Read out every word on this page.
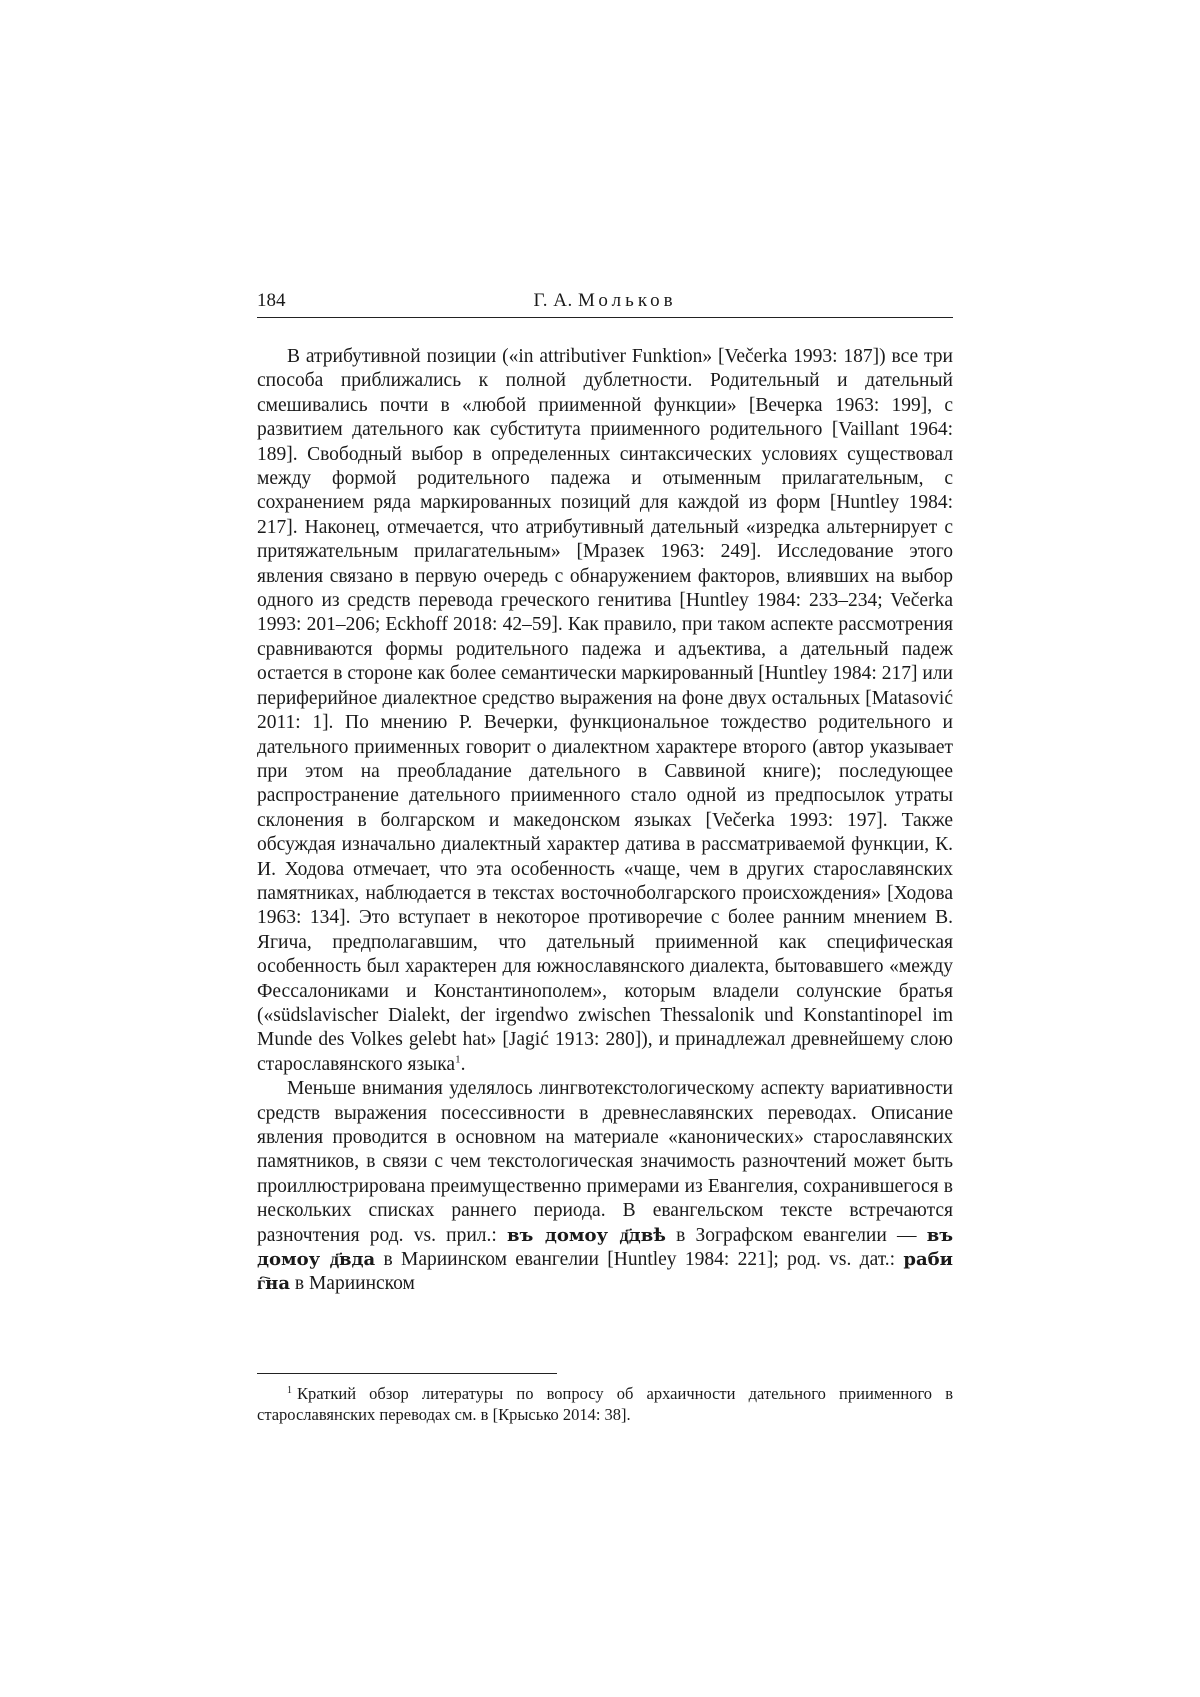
184	Г. А. Мольков

В атрибутивной позиции («in attributiver Funktion» [Večerka 1993: 187]) все три способа приближались к полной дублетности. Родительный и дательный смешивались почти в «любой приименной функции» [Вечерка 1963: 199], с развитием дательного как субститута приименного родительного [Vaillant 1964: 189]. Свободный выбор в определенных синтаксических условиях существовал между формой родительного падежа и отыменным прилагательным, с сохранением ряда маркированных позиций для каждой из форм [Huntley 1984: 217]. Наконец, отмечается, что атрибутивный дательный «изредка альтернирует с притяжательным прилагательным» [Мразек 1963: 249]. Исследование этого явления связано в первую очередь с обнаружением факторов, влиявших на выбор одного из средств перевода греческого генитива [Huntley 1984: 233–234; Večerka 1993: 201–206; Eckhoff 2018: 42–59]. Как правило, при таком аспекте рассмотрения сравниваются формы родительного падежа и адъектива, а дательный падеж остается в стороне как более семантически маркированный [Huntley 1984: 217] или периферийное диалектное средство выражения на фоне двух остальных [Matasović 2011: 1]. По мнению Р. Вечерки, функциональное тождество родительного и дательного приименных говорит о диалектном характере второго (автор указывает при этом на преобладание дательного в Саввиной книге); последующее распространение дательного приименного стало одной из предпосылок утраты склонения в болгарском и македонском языках [Večerka 1993: 197]. Также обсуждая изначально диалектный характер датива в рассматриваемой функции, К. И. Ходова отмечает, что эта особенность «чаще, чем в других старославянских памятниках, наблюдается в текстах восточноболгарского происхождения» [Ходова 1963: 134]. Это вступает в некоторое противоречие с более ранним мнением В. Ягича, предполагавшим, что дательный приименной как специфическая особенность был характерен для южнославянского диалекта, бытовавшего «между Фессалониками и Константинополем», которым владели солунские братья («südslavischer Dialekt, der irgendwo zwischen Thessalonik und Konstantinopel im Munde des Volkes gelebt hat» [Jagić 1913: 280]), и принадлежал древнейшему слою старославянского языка$^1$.

Меньше внимания уделялось лингвотекстологическому аспекту вариативности средств выражения посессивности в древнеславянских переводах. Описание явления проводится в основном на материале «канонических» старославянских памятников, в связи с чем текстологическая значимость разночтений может быть проиллюстрирована преимущественно примерами из Евангелия, сохранившегося в нескольких списках раннего периода. В евангельском тексте встречаются разночтения род. vs. прил.: въ домоу д҃двѣ в Зографском евангелии — въ домоу д҃вда в Мариинском евангелии [Huntley 1984: 221]; род. vs. дат.: раби г҇на в Мариинском

$^1$ Краткий обзор литературы по вопросу об архаичности дательного приименного в старославянских переводах см. в [Крысько 2014: 38].
